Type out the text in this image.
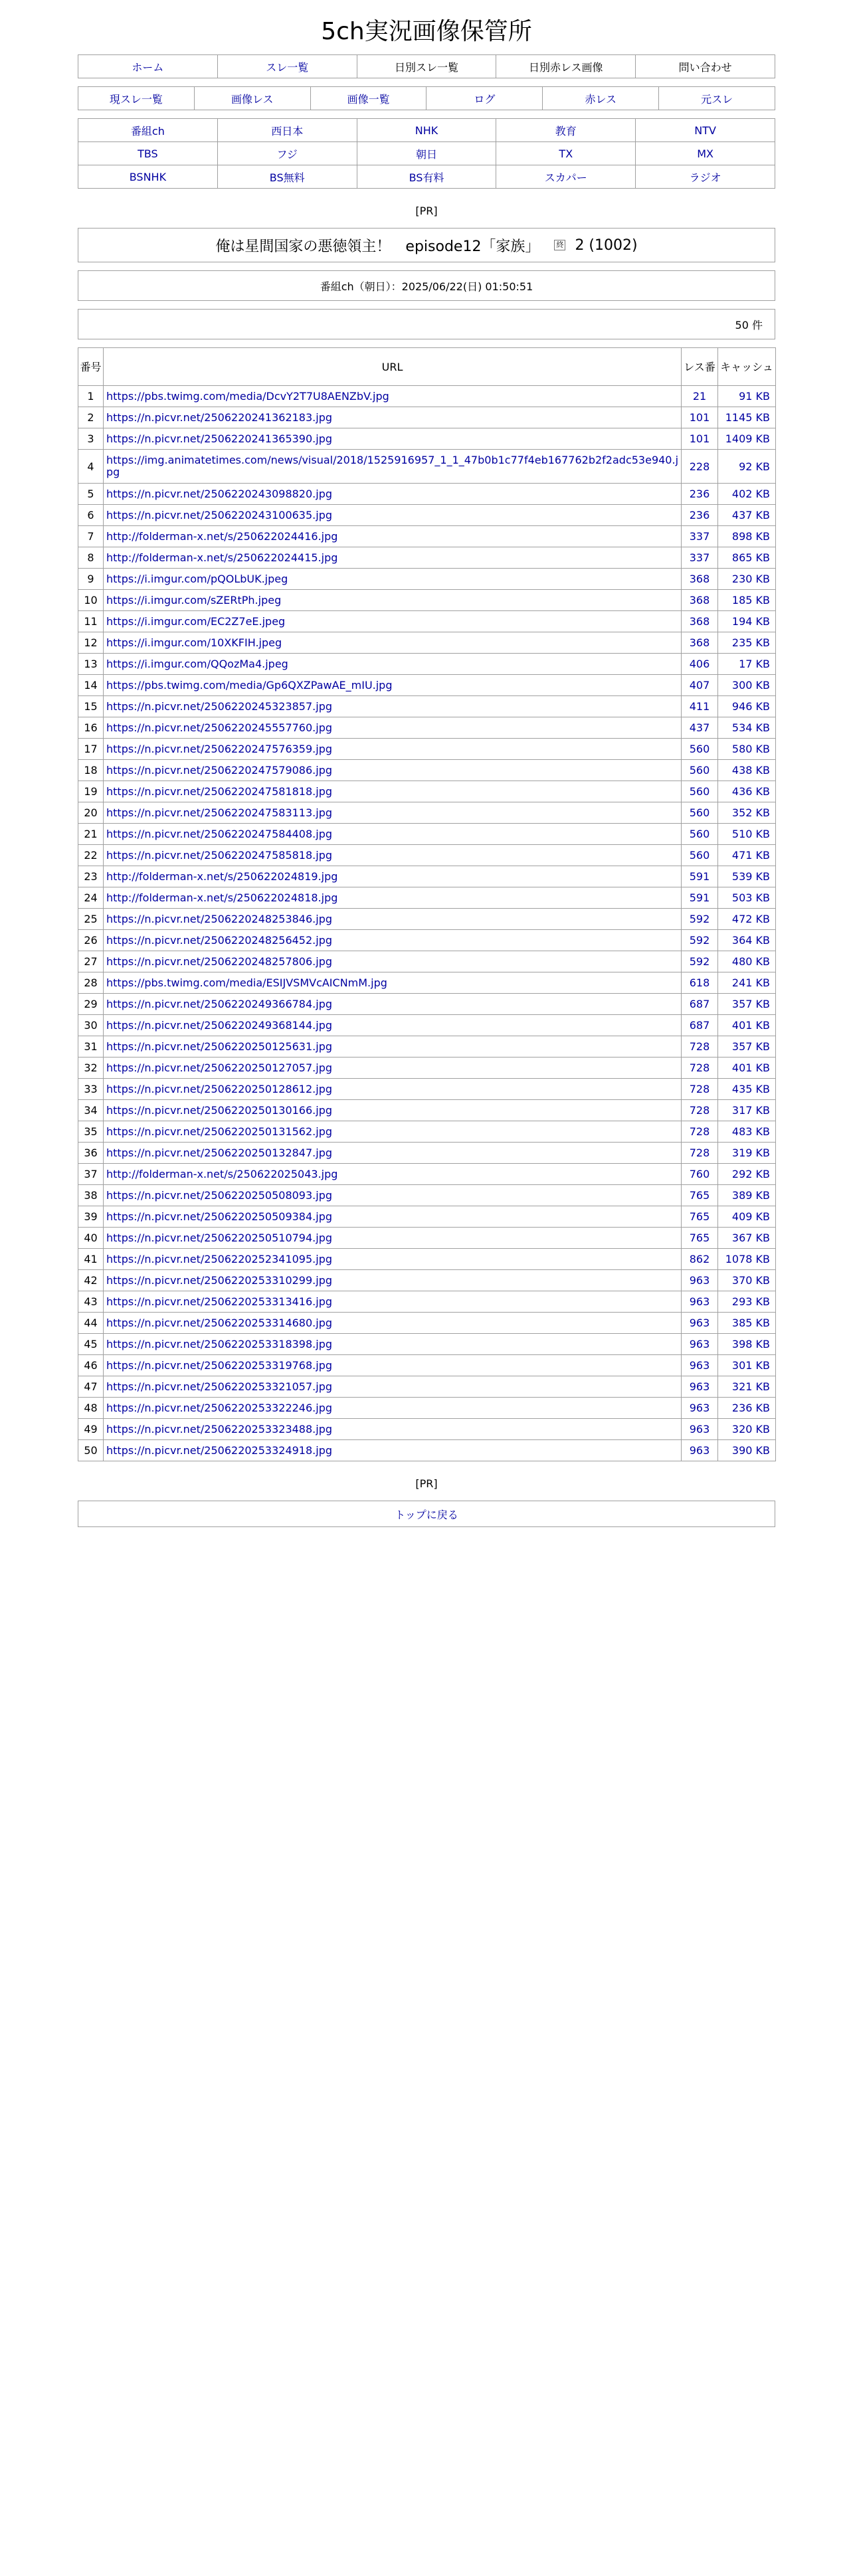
5ch実況画像保管所
ホーム	スレ一覧	日別スレ一覧	日別赤レス画像	問い合わせ
現スレ一覧	画像レス	画像一覧	ログ	赤レス	元スレ
番組ch	西日本	NHK	教育	NTV
TBS	フジ	朝日	TX	MX
BSNHK	BS無料	BS有料	スカパー	ラジオ
[PR]
俺は星間国家の悪徳領主！　episode12「家族」 終 2 (1002)
番組ch（朝日）：2025/06/22(日) 01:50:51
50 件
番号	URL	レス番	キャッシュ
1	https://pbs.twimg.com/media/DcvY2T7U8AENZbV.jpg	21	91 KB
2	https://n.picvr.net/2506220241362183.jpg	101	1145 KB
3	https://n.picvr.net/2506220241365390.jpg	101	1409 KB
4	https://img.animatetimes.com/news/visual/2018/1525916957_1_1_47b0b1c77f4eb167762b2f2adc53e940.jpg	228	92 KB
5	https://n.picvr.net/2506220243098820.jpg	236	402 KB
6	https://n.picvr.net/2506220243100635.jpg	236	437 KB
7	http://folderman-x.net/s/250622024416.jpg	337	898 KB
8	http://folderman-x.net/s/250622024415.jpg	337	865 KB
9	https://i.imgur.com/pQOLbUK.jpeg	368	230 KB
10	https://i.imgur.com/sZERtPh.jpeg	368	185 KB
11	https://i.imgur.com/EC2Z7eE.jpeg	368	194 KB
12	https://i.imgur.com/10XKFIH.jpeg	368	235 KB
13	https://i.imgur.com/QQozMa4.jpeg	406	17 KB
14	https://pbs.twimg.com/media/Gp6QXZPawAE_mIU.jpg	407	300 KB
15	https://n.picvr.net/2506220245323857.jpg	411	946 KB
16	https://n.picvr.net/2506220245557760.jpg	437	534 KB
17	https://n.picvr.net/2506220247576359.jpg	560	580 KB
18	https://n.picvr.net/2506220247579086.jpg	560	438 KB
19	https://n.picvr.net/2506220247581818.jpg	560	436 KB
20	https://n.picvr.net/2506220247583113.jpg	560	352 KB
21	https://n.picvr.net/2506220247584408.jpg	560	510 KB
22	https://n.picvr.net/2506220247585818.jpg	560	471 KB
23	http://folderman-x.net/s/250622024819.jpg	591	539 KB
24	http://folderman-x.net/s/250622024818.jpg	591	503 KB
25	https://n.picvr.net/2506220248253846.jpg	592	472 KB
26	https://n.picvr.net/2506220248256452.jpg	592	364 KB
27	https://n.picvr.net/2506220248257806.jpg	592	480 KB
28	https://pbs.twimg.com/media/ESIJVSMVcAICNmM.jpg	618	241 KB
29	https://n.picvr.net/2506220249366784.jpg	687	357 KB
30	https://n.picvr.net/2506220249368144.jpg	687	401 KB
31	https://n.picvr.net/2506220250125631.jpg	728	357 KB
32	https://n.picvr.net/2506220250127057.jpg	728	401 KB
33	https://n.picvr.net/2506220250128612.jpg	728	435 KB
34	https://n.picvr.net/2506220250130166.jpg	728	317 KB
35	https://n.picvr.net/2506220250131562.jpg	728	483 KB
36	https://n.picvr.net/2506220250132847.jpg	728	319 KB
37	http://folderman-x.net/s/250622025043.jpg	760	292 KB
38	https://n.picvr.net/2506220250508093.jpg	765	389 KB
39	https://n.picvr.net/2506220250509384.jpg	765	409 KB
40	https://n.picvr.net/2506220250510794.jpg	765	367 KB
41	https://n.picvr.net/2506220252341095.jpg	862	1078 KB
42	https://n.picvr.net/2506220253310299.jpg	963	370 KB
43	https://n.picvr.net/2506220253313416.jpg	963	293 KB
44	https://n.picvr.net/2506220253314680.jpg	963	385 KB
45	https://n.picvr.net/2506220253318398.jpg	963	398 KB
46	https://n.picvr.net/2506220253319768.jpg	963	301 KB
47	https://n.picvr.net/2506220253321057.jpg	963	321 KB
48	https://n.picvr.net/2506220253322246.jpg	963	236 KB
49	https://n.picvr.net/2506220253323488.jpg	963	320 KB
50	https://n.picvr.net/2506220253324918.jpg	963	390 KB
[PR]
トップに戻る
